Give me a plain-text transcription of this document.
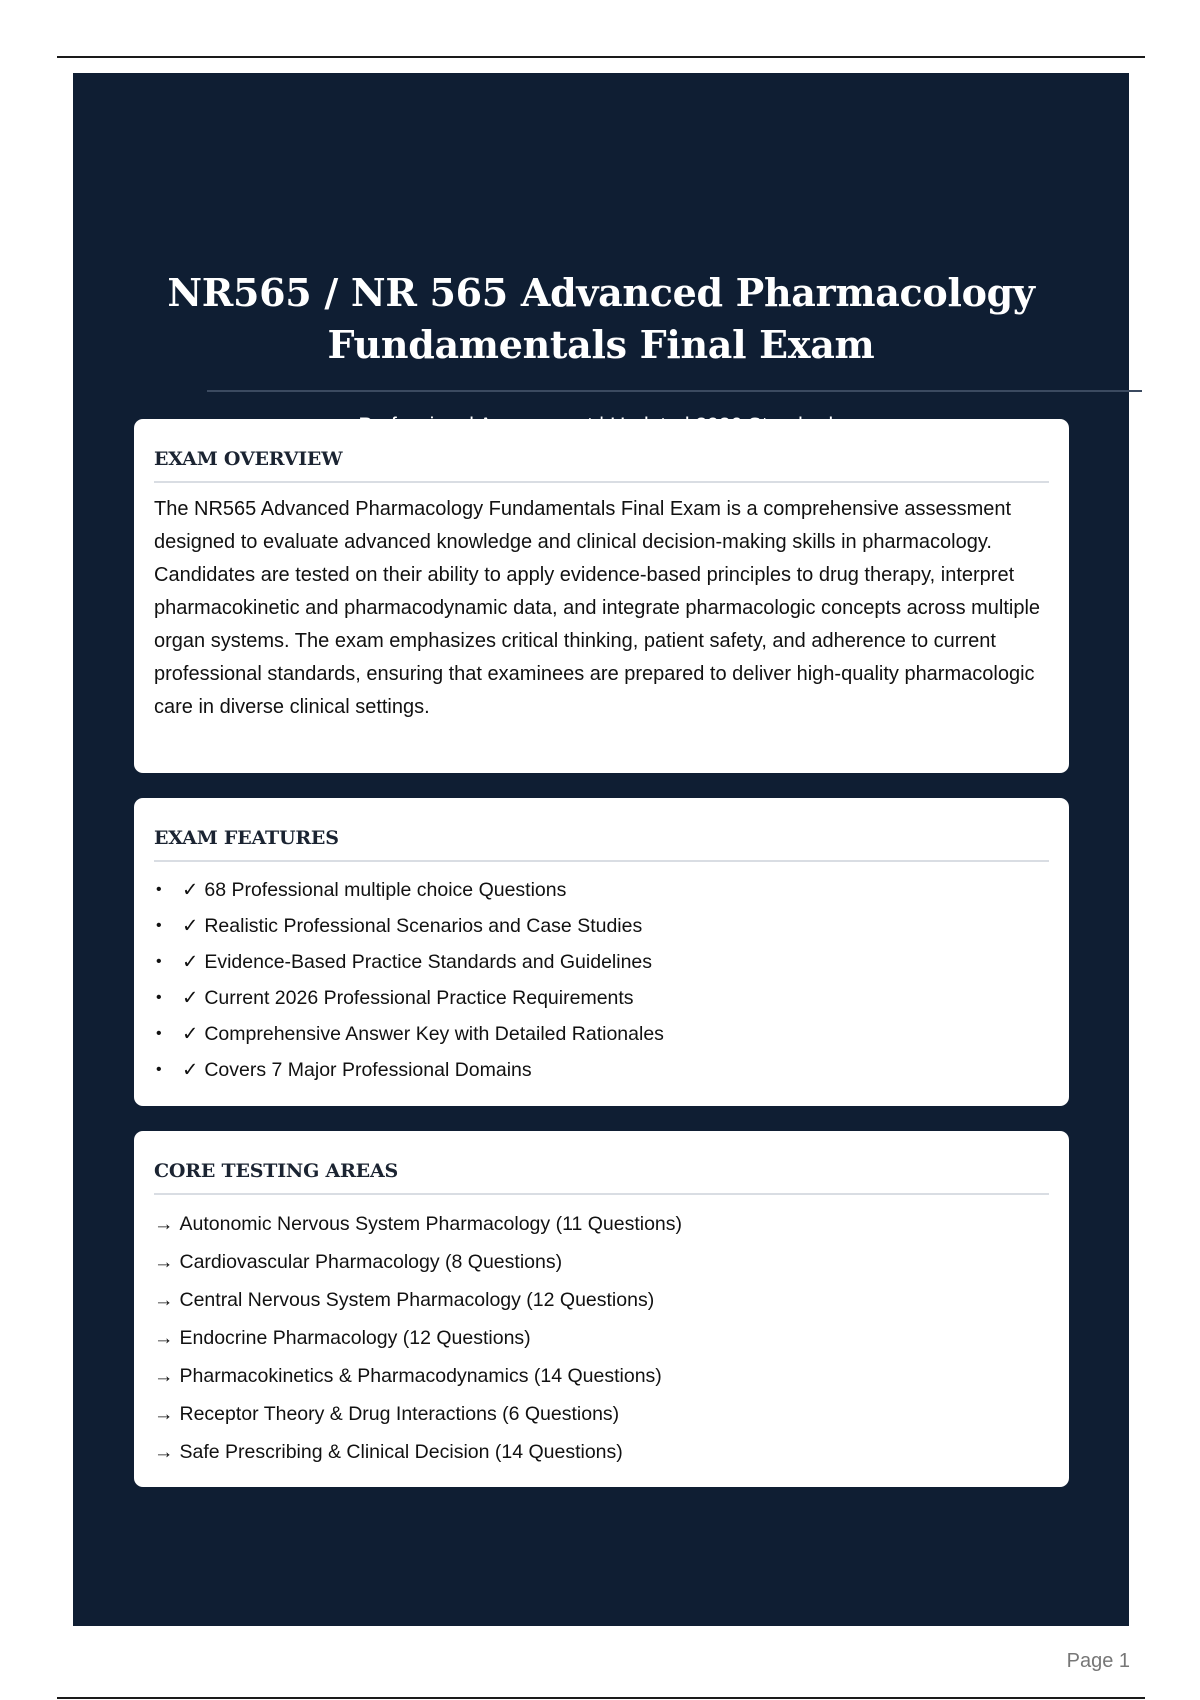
NR565 / NR 565 Advanced Pharmacology
Fundamentals Final Exam
EXAM OVERVIEW

The NR565 Advanced Pharmacology Fundamentals Final Exam is a comprehensive assessment designed to evaluate advanced knowledge and clinical decision-making skills in pharmacology. Candidates are tested on their ability to apply evidence-based principles to drug therapy, interpret pharmacokinetic and pharmacodynamic data, and integrate pharmacologic concepts across multiple organ systems. The exam emphasizes critical thinking, patient safety, and adherence to current professional standards, ensuring that examinees are prepared to deliver high-quality pharmacologic care in diverse clinical settings.

EXAM FEATURES
• ✓ 68 Professional multiple choice Questions
• ✓ Realistic Professional Scenarios and Case Studies
• ✓ Evidence-Based Practice Standards and Guidelines
• ✓ Current 2026 Professional Practice Requirements
• ✓ Comprehensive Answer Key with Detailed Rationales
• ✓ Covers 7 Major Professional Domains
CORE TESTING AREAS
→ Autonomic Nervous System Pharmacology (11 Questions)
→ Cardiovascular Pharmacology (8 Questions)
→ Central Nervous System Pharmacology (12 Questions)
→ Endocrine Pharmacology (12 Questions)
→ Pharmacokinetics & Pharmacodynamics (14 Questions)
→ Receptor Theory & Drug Interactions (6 Questions)
→ Safe Prescribing & Clinical Decision (14 Questions)
Page 1
